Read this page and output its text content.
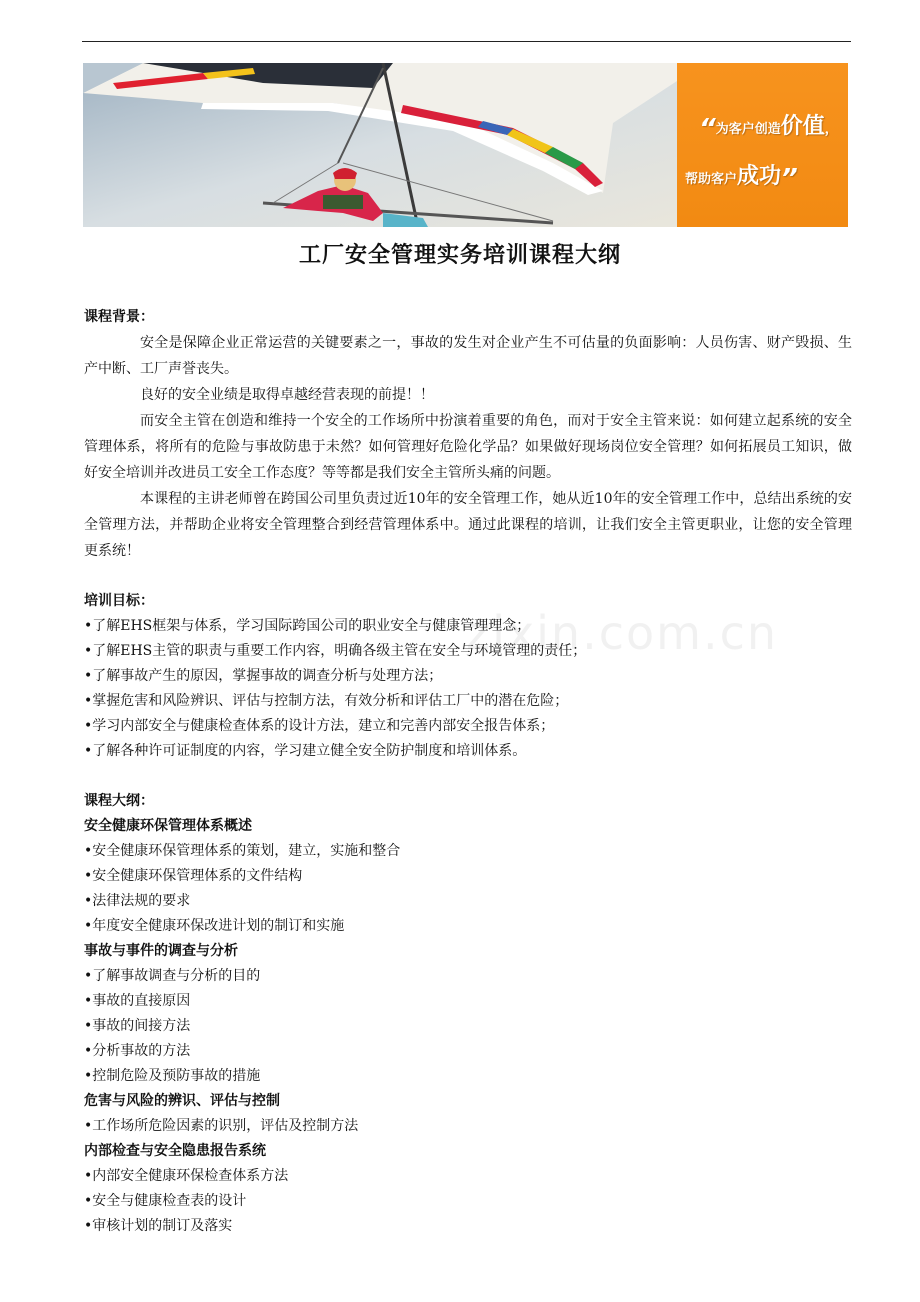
“为客户创造价值，
帮助客户成功”
工厂安全管理实务培训课程大纲
zixin.com.cn
课程背景：
安全是保障企业正常运营的关键要素之一，事故的发生对企业产生不可估量的负面影响：人员伤害、财产毁损、生产中断、工厂声誉丧失。
良好的安全业绩是取得卓越经营表现的前提！！
而安全主管在创造和维持一个安全的工作场所中扮演着重要的角色，而对于安全主管来说：如何建立起系统的安全管理体系，将所有的危险与事故防患于未然？如何管理好危险化学品？如果做好现场岗位安全管理？如何拓展员工知识，做好安全培训并改进员工安全工作态度？等等都是我们安全主管所头痛的问题。
本课程的主讲老师曾在跨国公司里负责过近10年的安全管理工作，她从近10年的安全管理工作中，总结出系统的安全管理方法，并帮助企业将安全管理整合到经营管理体系中。通过此课程的培训，让我们安全主管更职业，让您的安全管理更系统！
培训目标：
•了解EHS框架与体系，学习国际跨国公司的职业安全与健康管理理念；
•了解EHS主管的职责与重要工作内容，明确各级主管在安全与环境管理的责任；
•了解事故产生的原因，掌握事故的调查分析与处理方法；
•掌握危害和风险辨识、评估与控制方法，有效分析和评估工厂中的潜在危险；
•学习内部安全与健康检查体系的设计方法，建立和完善内部安全报告体系；
•了解各种许可证制度的内容，学习建立健全安全防护制度和培训体系。
课程大纲：
安全健康环保管理体系概述
•安全健康环保管理体系的策划，建立，实施和整合
•安全健康环保管理体系的文件结构
•法律法规的要求
•年度安全健康环保改进计划的制订和实施
事故与事件的调查与分析
•了解事故调查与分析的目的
•事故的直接原因
•事故的间接方法
•分析事故的方法
•控制危险及预防事故的措施
危害与风险的辨识、评估与控制
•工作场所危险因素的识别，评估及控制方法
内部检查与安全隐患报告系统
•内部安全健康环保检查体系方法
•安全与健康检查表的设计
•审核计划的制订及落实
